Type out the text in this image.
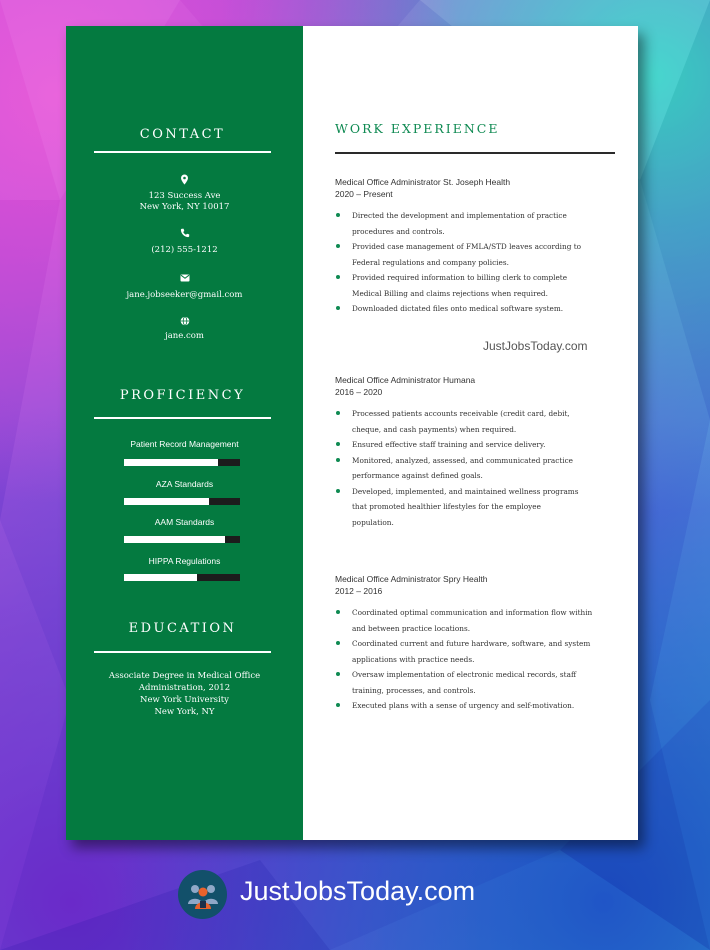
CONTACT
123 Success Ave
New York, NY 10017
(212) 555-1212
jane.jobseeker@gmail.com
jane.com
PROFICIENCY
Patient Record Management
AZA Standards
AAM Standards
HIPPA Regulations
EDUCATION
Associate Degree in Medical Office
Administration, 2012
New York University
New York, NY
WORK EXPERIENCE
Medical Office Administrator St. Joseph Health
2020 – Present
Directed the development and implementation of practice
procedures and controls.
Provided case management of FMLA/STD leaves according to
Federal regulations and company policies.
Provided required information to billing clerk to complete
Medical Billing and claims rejections when required.
Downloaded dictated files onto medical software system.
JustJobsToday.com
Medical Office Administrator Humana
2016 – 2020
Processed patients accounts receivable (credit card, debit,
cheque, and cash payments) when required.
Ensured effective staff training and service delivery.
Monitored, analyzed, assessed, and communicated practice
performance against defined goals.
Developed, implemented, and maintained wellness programs
that promoted healthier lifestyles for the employee
population.
Medical Office Administrator Spry Health
2012 – 2016
Coordinated optimal communication and information flow within
and between practice locations.
Coordinated current and future hardware, software, and system
applications with practice needs.
Oversaw implementation of electronic medical records, staff
training, processes, and controls.
Executed plans with a sense of urgency and self-motivation.
JustJobsToday.com
